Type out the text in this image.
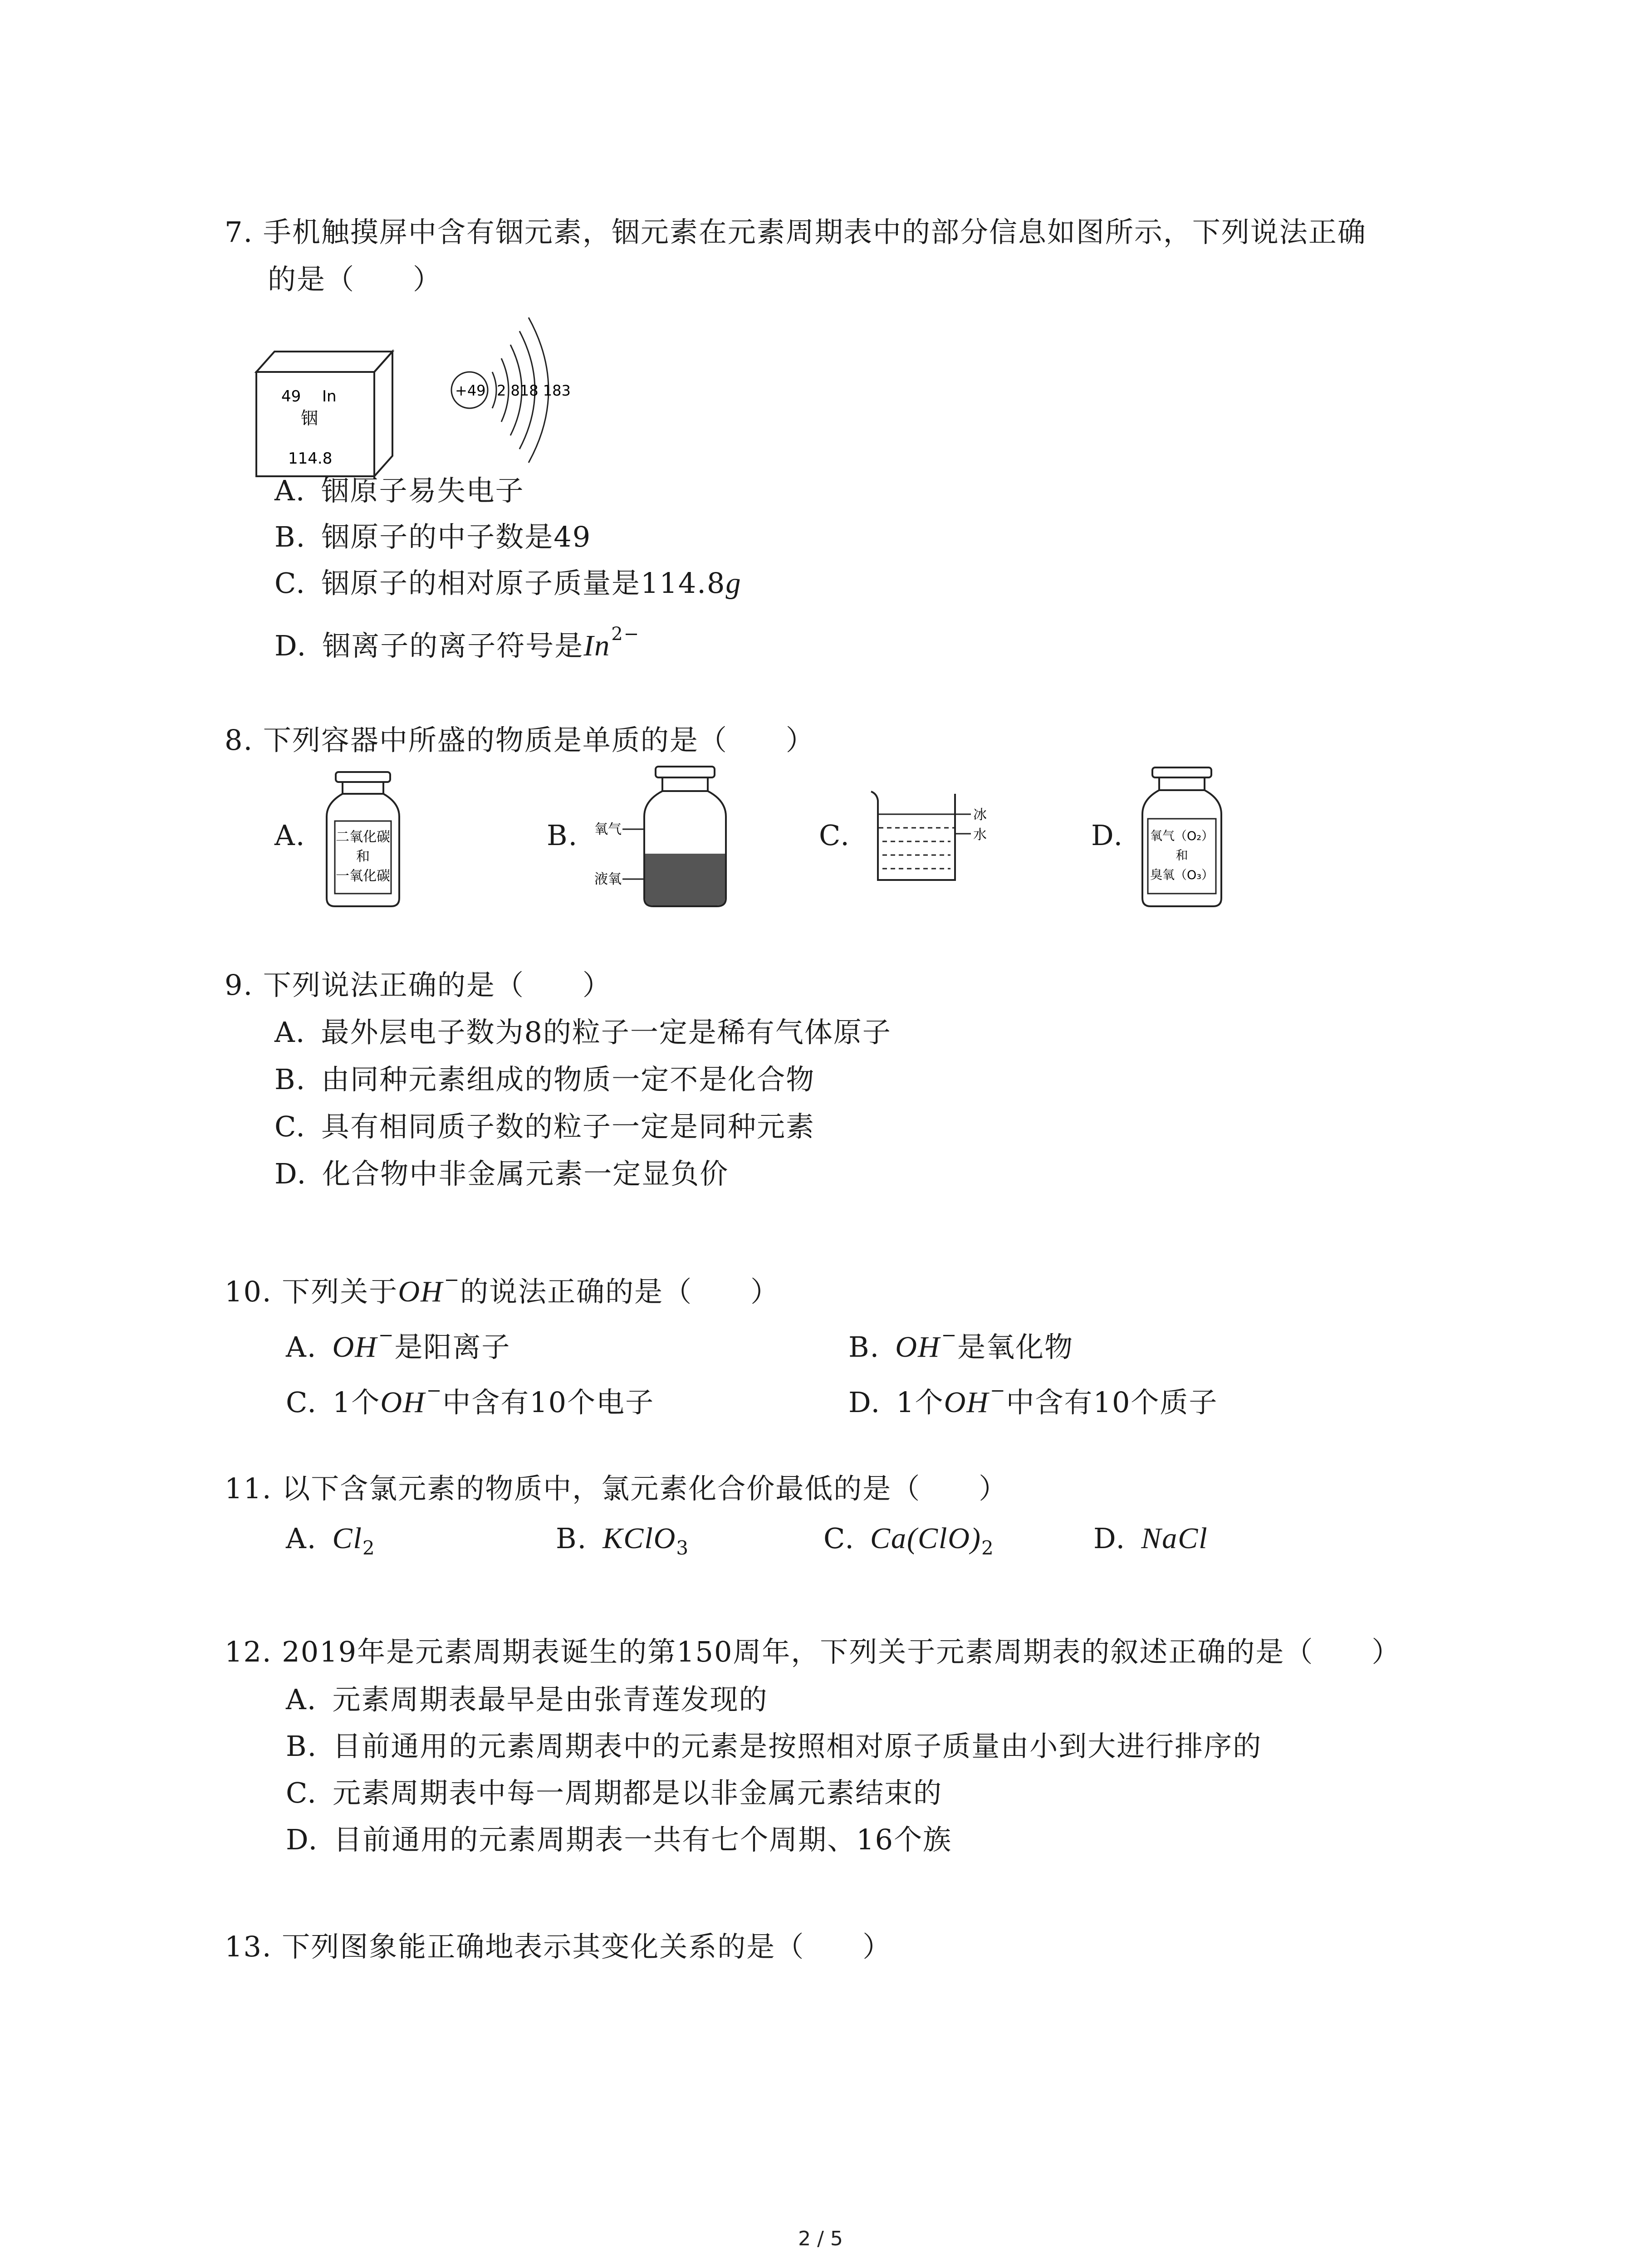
7. 手机触摸屏中含有铟元素，铟元素在元素周期表中的部分信息如图所示，下列说法正确
的是（　　）
49 In
铟
114.8
+49 2 818 183
A. 铟原子易失电子
B. 铟原子的中子数是49
C. 铟原子的相对原子质量是114.8g
D. 铟离子的离子符号是$In^{2-}$
8. 下列容器中所盛的物质是单质的是（　　）
A. 二氧化碳
和
一氧化碳
B. 氧气
液氧
C.
冰
水	D. 氧气（O₂）
和
臭氧（O₃）
9. 下列说法正确的是（　　）
A. 最外层电子数为8的粒子一定是稀有气体原子
B. 由同种元素组成的物质一定不是化合物
C. 具有相同质子数的粒子一定是同种元素
D. 化合物中非金属元素一定显负价
10. 下列关于OH−的说法正确的是（　　）
A. OH−是阳离子	B. OH−是氧化物
C. 1个OH−中含有10个电子	D. 1个OH−中含有10个质子
11. 以下含氯元素的物质中，氯元素化合价最低的是（　　）
A. $Cl_2$	B. KClO$_3$	C. $Ca(ClO)_2$	D. NaCl
12. 2019年是元素周期表诞生的第150周年，下列关于元素周期表的叙述正确的是（　　）
A. 元素周期表最早是由张青莲发现的
B. 目前通用的元素周期表中的元素是按照相对原子质量由小到大进行排序的
C. 元素周期表中每一周期都是以非金属元素结束的
D. 目前通用的元素周期表一共有七个周期、16个族
13. 下列图象能正确地表示其变化关系的是（　　）
2 / 5
